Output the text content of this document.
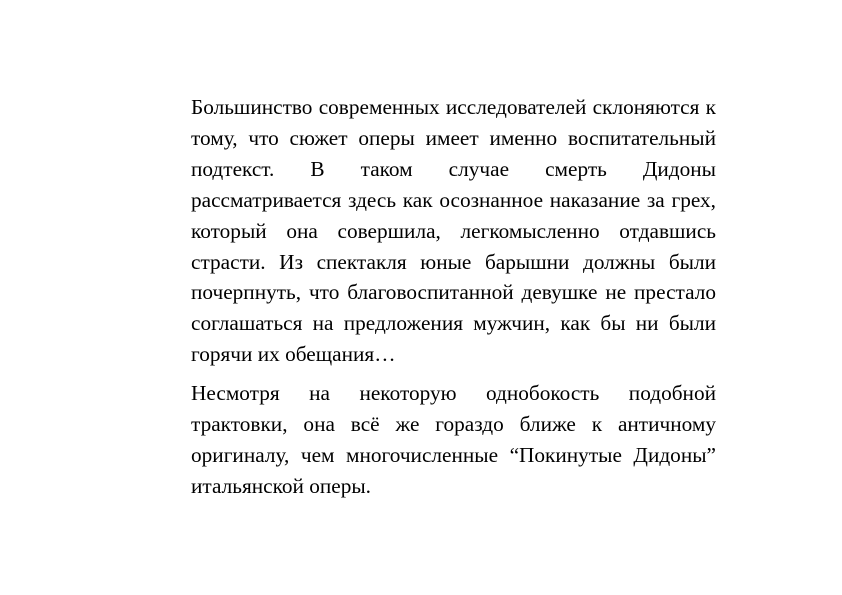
Большинство современных исследователей склоняются к тому, что сюжет оперы имеет именно воспитательный подтекст. В таком случае смерть Дидоны рассматривается здесь как осознанное наказание за грех, который она совершила, легкомысленно отдавшись страсти. Из спектакля юные барышни должны были почерпнуть, что благовоспитанной девушке не престало соглашаться на предложения мужчин, как бы ни были горячи их обещания…

Несмотря на некоторую однобокость подобной трактовки, она всё же гораздо ближе к античному оригиналу, чем многочисленные “Покинутые Дидоны” итальянской оперы.
